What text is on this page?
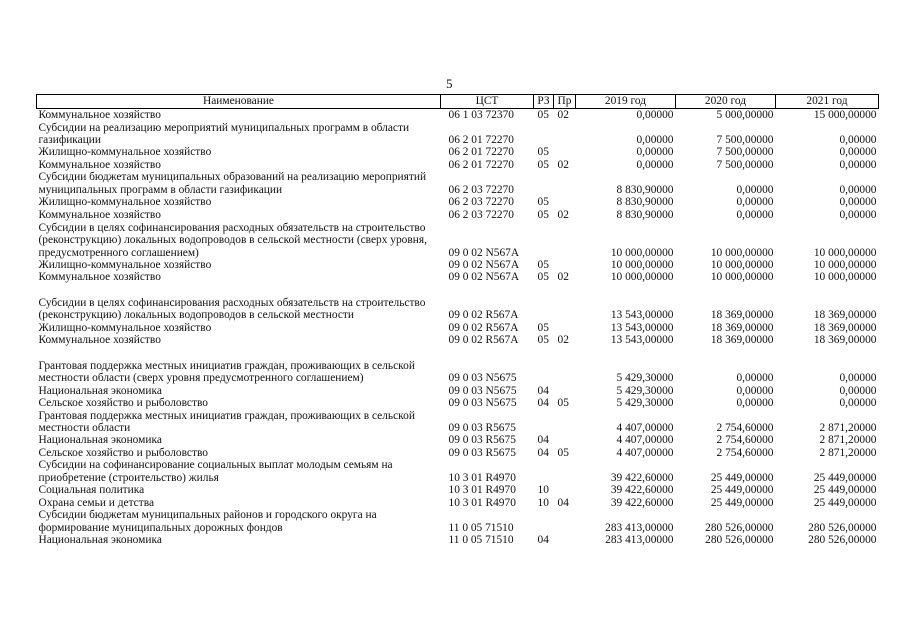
5
Наименование	ЦСТ	РЗ	Пр	2019 год	2020 год	2021 год
Коммунальное хозяйство	06 1 03 72370	05	02	0,00000	5 000,00000	15 000,00000
Субсидии на реализацию мероприятий муниципальных программ в области газификации	06 2 01 72270			0,00000	7 500,00000	0,00000
Жилищно-коммунальное хозяйство	06 2 01 72270	05		0,00000	7 500,00000	0,00000
Коммунальное хозяйство	06 2 01 72270	05	02	0,00000	7 500,00000	0,00000
Субсидии бюджетам муниципальных образований на реализацию мероприятий муниципальных программ в области газификации	06 2 03 72270			8 830,90000	0,00000	0,00000
Жилищно-коммунальное хозяйство	06 2 03 72270	05		8 830,90000	0,00000	0,00000
Коммунальное хозяйство	06 2 03 72270	05	02	8 830,90000	0,00000	0,00000
Субсидии в целях софинансирования расходных обязательств на строительство (реконструкцию) локальных водопроводов в сельской местности (сверх уровня, предусмотренного соглашением)	09 0 02 N567A			10 000,00000	10 000,00000	10 000,00000
Жилищно-коммунальное хозяйство	09 0 02 N567A	05		10 000,00000	10 000,00000	10 000,00000
Коммунальное хозяйство	09 0 02 N567A	05	02	10 000,00000	10 000,00000	10 000,00000
Субсидии в целях софинансирования расходных обязательств на строительство (реконструкцию) локальных водопроводов в сельской местности	09 0 02 R567A			13 543,00000	18 369,00000	18 369,00000
Жилищно-коммунальное хозяйство	09 0 02 R567A	05		13 543,00000	18 369,00000	18 369,00000
Коммунальное хозяйство	09 0 02 R567A	05	02	13 543,00000	18 369,00000	18 369,00000
Грантовая поддержка местных инициатив граждан, проживающих в сельской местности области (сверх уровня предусмотренного соглашением)	09 0 03 N5675			5 429,30000	0,00000	0,00000
Национальная экономика	09 0 03 N5675	04		5 429,30000	0,00000	0,00000
Сельское хозяйство и рыболовство	09 0 03 N5675	04	05	5 429,30000	0,00000	0,00000
Грантовая поддержка местных инициатив граждан, проживающих в сельской местности области	09 0 03 R5675			4 407,00000	2 754,60000	2 871,20000
Национальная экономика	09 0 03 R5675	04		4 407,00000	2 754,60000	2 871,20000
Сельское хозяйство и рыболовство	09 0 03 R5675	04	05	4 407,00000	2 754,60000	2 871,20000
Субсидии на софинансирование социальных выплат молодым семьям на приобретение (строительство) жилья	10 3 01 R4970			39 422,60000	25 449,00000	25 449,00000
Социальная политика	10 3 01 R4970	10		39 422,60000	25 449,00000	25 449,00000
Охрана семьи и детства	10 3 01 R4970	10	04	39 422,60000	25 449,00000	25 449,00000
Субсидии бюджетам муниципальных районов и городского округа на формирование муниципальных дорожных фондов	11 0 05 71510			283 413,00000	280 526,00000	280 526,00000
Национальная экономика	11 0 05 71510	04		283 413,00000	280 526,00000	280 526,00000
